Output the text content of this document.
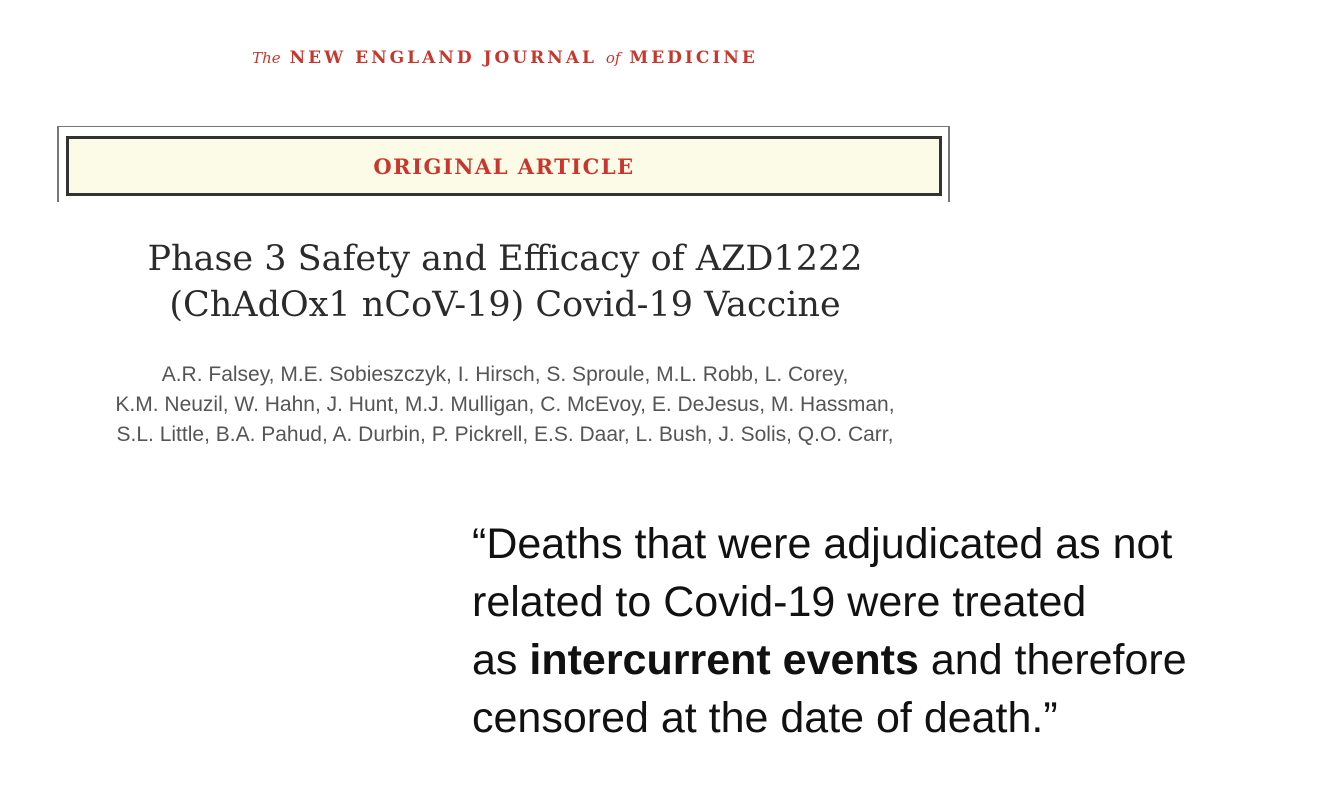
The NEW ENGLAND JOURNAL of MEDICINE
ORIGINAL ARTICLE
Phase 3 Safety and Efficacy of AZD1222
(ChAdOx1 nCoV-19) Covid-19 Vaccine
A.R. Falsey, M.E. Sobieszczyk, I. Hirsch, S. Sproule, M.L. Robb, L. Corey,
K.M. Neuzil, W. Hahn, J. Hunt, M.J. Mulligan, C. McEvoy, E. DeJesus, M. Hassman,
S.L. Little, B.A. Pahud, A. Durbin, P. Pickrell, E.S. Daar, L. Bush, J. Solis, Q.O. Carr,

“Deaths that were adjudicated as not
related to Covid-19 were treated
as intercurrent events and therefore
censored at the date of death.”
